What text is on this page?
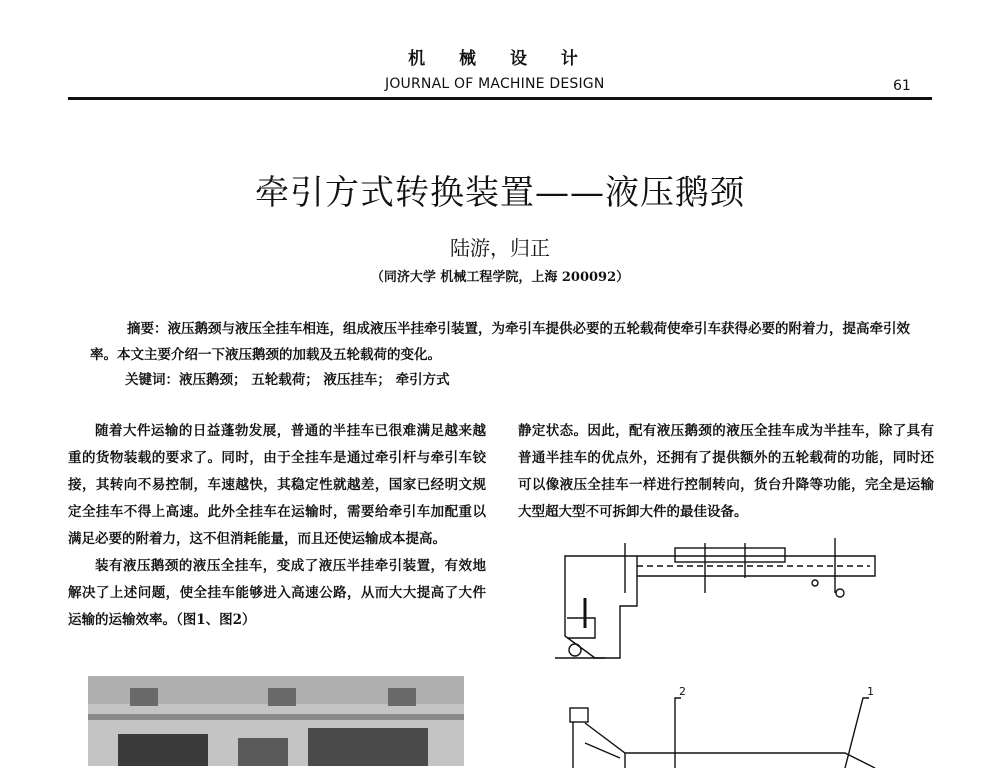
机 械 设 计
JOURNAL OF MACHINE DESIGN	61
牵引方式转换装置——液压鹅颈
陆游，归正
（同济大学 机械工程学院，上海 200092）
摘要：液压鹅颈与液压全挂车相连，组成液压半挂牵引装置，为牵引车提供必要的五轮载荷使牵引车获得必要的附着力，提高牵引效率。本文主要介绍一下液压鹅颈的加载及五轮载荷的变化。
关键词：液压鹅颈； 五轮载荷； 液压挂车； 牵引方式

随着大件运输的日益蓬勃发展，普通的半挂车已很难满足越来越重的货物装载的要求了。同时，由于全挂车是通过牵引杆与牵引车铰接，其转向不易控制，车速越快，其稳定性就越差，国家已经明文规定全挂车不得上高速。此外全挂车在运输时，需要给牵引车加配重以满足必要的附着力，这不但消耗能量，而且还使运输成本提高。

装有液压鹅颈的液压全挂车，变成了液压半挂牵引装置，有效地解决了上述问题，使全挂车能够进入高速公路，从而大大提高了大件运输的运输效率。（图1、图2）

静定状态。因此，配有液压鹅颈的液压全挂车成为半挂车，除了具有普通半挂车的优点外，还拥有了提供额外的五轮载荷的功能，同时还可以像液压全挂车一样进行控制转向，货台升降等功能，完全是运输大型超大型不可拆卸大件的最佳设备。

2	1
